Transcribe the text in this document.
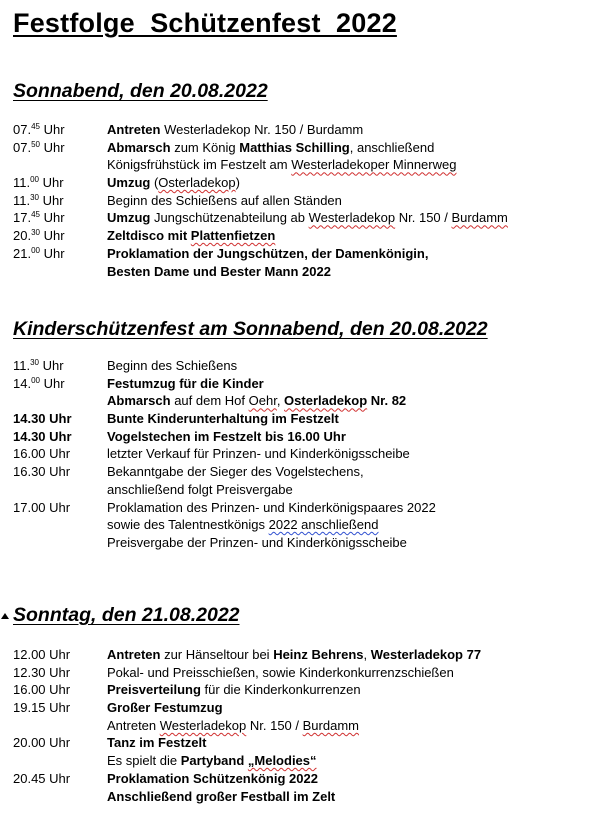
Festfolge  Schützenfest  2022
Sonnabend, den 20.08.2022
07.45 Uhr	Antreten Westerladekop Nr. 150 / Burdamm
07.50 Uhr	Abmarsch zum König Matthias Schilling, anschließend
Königsfrühstück im Festzelt am Westerladekoper Minnerweg
11.00 Uhr	Umzug (Osterladekop)
11.30 Uhr	Beginn des Schießens auf allen Ständen
17.45 Uhr	Umzug Jungschützenabteilung ab Westerladekop Nr. 150 / Burdamm
20.30 Uhr	Zeltdisco mit Plattenfietzen
21.00 Uhr	Proklamation der Jungschützen, der Damenkönigin,
Besten Dame und Bester Mann 2022
Kinderschützenfest am Sonnabend, den 20.08.2022
11.30 Uhr	Beginn des Schießens
14.00 Uhr	Festumzug für die Kinder
Abmarsch auf dem Hof Oehr, Osterladekop Nr. 82
14.30 Uhr	Bunte Kinderunterhaltung im Festzelt
14.30 Uhr	Vogelstechen im Festzelt bis 16.00 Uhr
16.00 Uhr	letzter Verkauf für Prinzen- und Kinderkönigsscheibe
16.30 Uhr	Bekanntgabe der Sieger des Vogelstechens,
anschließend folgt Preisvergabe
17.00 Uhr	Proklamation des Prinzen- und Kinderkönigspaares 2022
sowie des Talentnestkönigs 2022 anschließend
Preisvergabe der Prinzen- und Kinderkönigsscheibe
Sonntag, den 21.08.2022
12.00 Uhr	Antreten zur Hänseltour bei Heinz Behrens, Westerladekop 77
12.30 Uhr	Pokal- und Preisschießen, sowie Kinderkonkurrenzschießen
16.00 Uhr	Preisverteilung für die Kinderkonkurrenzen
19.15 Uhr	Großer Festumzug
Antreten Westerladekop Nr. 150 / Burdamm
20.00 Uhr	Tanz im Festzelt
Es spielt die Partyband „Melodies“
20.45 Uhr	Proklamation Schützenkönig 2022
Anschließend großer Festball im Zelt
